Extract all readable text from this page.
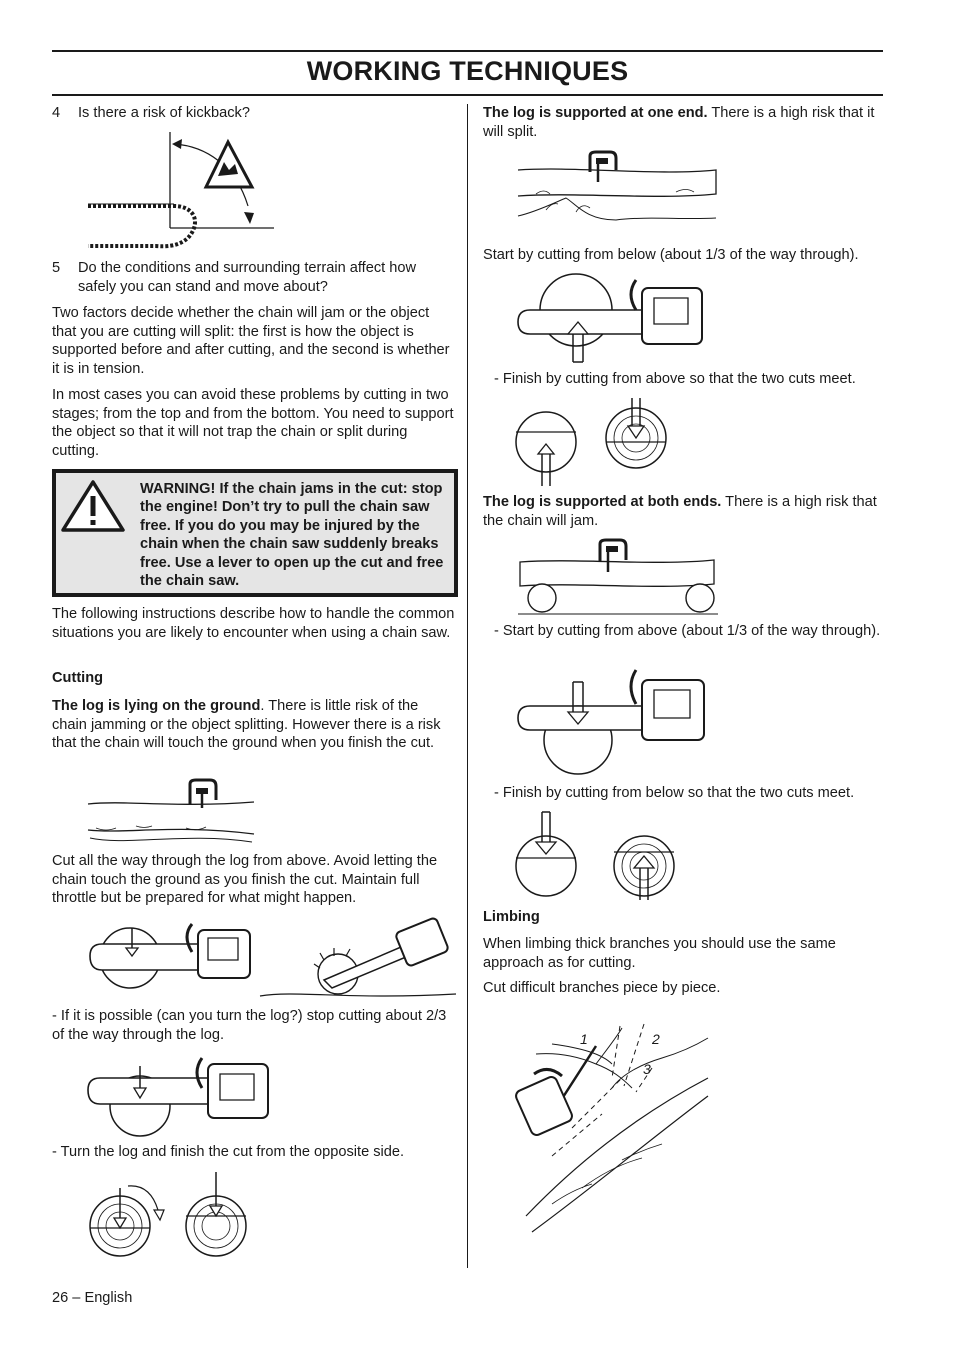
WORKING TECHNIQUES
4	Is there a risk of kickback?
5	Do the conditions and surrounding terrain affect how safely you can stand and move about?
Two factors decide whether the chain will jam or the object that you are cutting will split: the first is how the object is supported before and after cutting, and the second is whether it is in tension.
In most cases you can avoid these problems by cutting in two stages; from the top and from the bottom. You need to support the object so that it will not trap the chain or split during cutting.
WARNING! If the chain jams in the cut: stop the engine! Don’t try to pull the chain saw free. If you do you may be injured by the chain when the chain saw suddenly breaks free. Use a lever to open up the cut and free the chain saw.
The following instructions describe how to handle the common situations you are likely to encounter when using a chain saw.
Cutting
The log is lying on the ground. There is little risk of the chain jamming or the object splitting. However there is a risk that the chain will touch the ground when you finish the cut.
Cut all the way through the log from above. Avoid letting the chain touch the ground as you finish the cut. Maintain full throttle but be prepared for what might happen.
- If it is possible (can you turn the log?) stop cutting about 2/3 of the way through the log.
- Turn the log and finish the cut from the opposite side.
26 – English
The log is supported at one end. There is a high risk that it will split.
Start by cutting from below (about 1/3 of the way through).
- Finish by cutting from above so that the two cuts meet.
The log is supported at both ends. There is a high risk that the chain will jam.
- Start by cutting from above (about 1/3 of the way through).
- Finish by cutting from below so that the two cuts meet.
Limbing
When limbing thick branches you should use the same approach as for cutting.
Cut difficult branches piece by piece.
1	2
3
